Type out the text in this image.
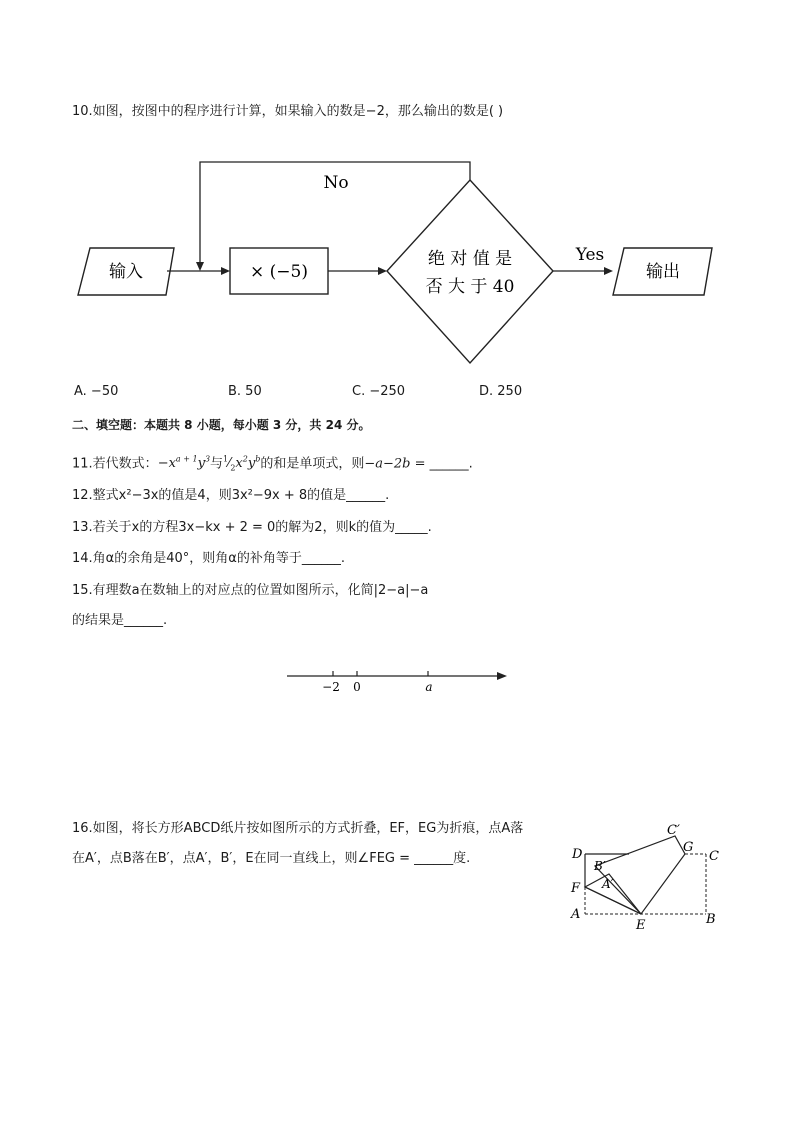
10.如图，按图中的程序进行计算，如果输入的数是−2，那么输出的数是( )
输入	× (−5)
绝 对 值 是
否 大 于 40
No
Yes
输出
A. −50	B. 50	C. −250	D. 250
二、填空题：本题共 8 小题，每小题 3 分，共 24 分。
11.若代数式：$-x^{a + 1}y^3$与$^1⁄_2x^2y^b$的和是单项式，则−a−2b = ______.
12.整式x²−3x的值是4，则3x²−9x + 8的值是______.
13.若关于x的方程3x−kx + 2 = 0的解为2，则k的值为_____.
14.角α的余角是40°，则角α的补角等于______.
15.有理数a在数轴上的对应点的位置如图所示，化简|2−a|−a
的结果是______.
−2 0	a
16.如图，将长方形ABCD纸片按如图所示的方式折叠，EF，EG为折痕，点A落
在A′，点B落在B′，点A′，B′，E在同一直线上，则∠FEG = ______度.	D
F
A
E	B
C
G
C′
B′
A′
